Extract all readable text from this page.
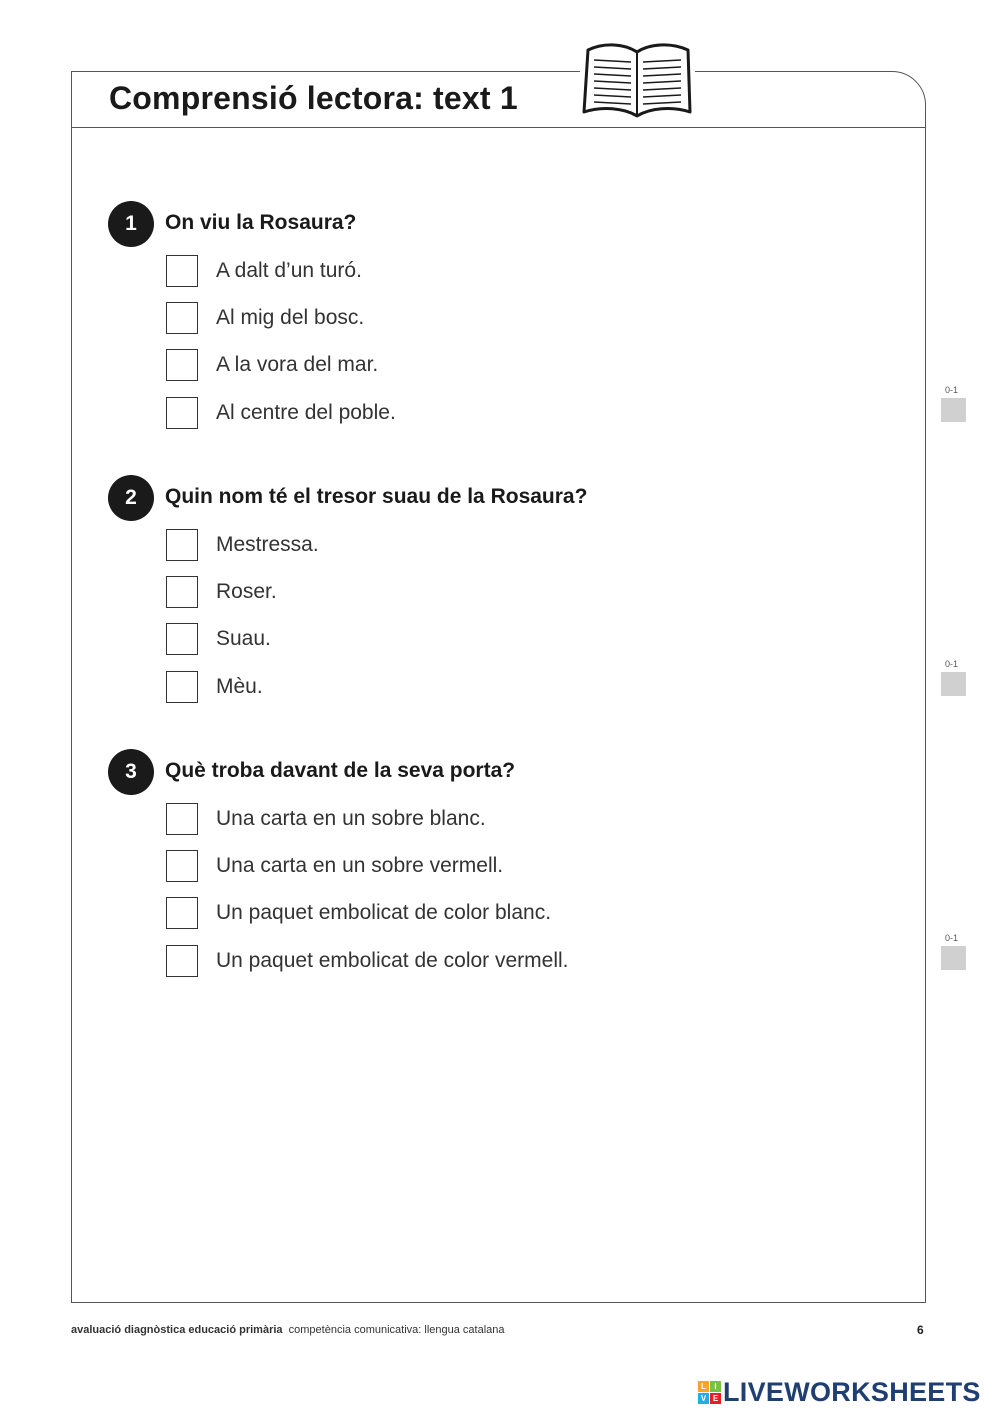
Comprensió lectora: text 1
1	On viu la Rosaura?

A dalt d’un turó.
Al mig del bosc.
A la vora del mar.
Al centre del poble.
2	Quin nom té el tresor suau de la Rosaura?

Mestressa.
Roser.
Suau.
Mèu.
3	Què troba davant de la seva porta?

Una carta en un sobre blanc.
Una carta en un sobre vermell.
Un paquet embolicat de color blanc.
Un paquet embolicat de color vermell.
0-1
0-1
0-1
avaluació diagnòstica educació primària competència comunicativa: llengua catalana	6
L	I
V E LIVEWORKSHEETS
